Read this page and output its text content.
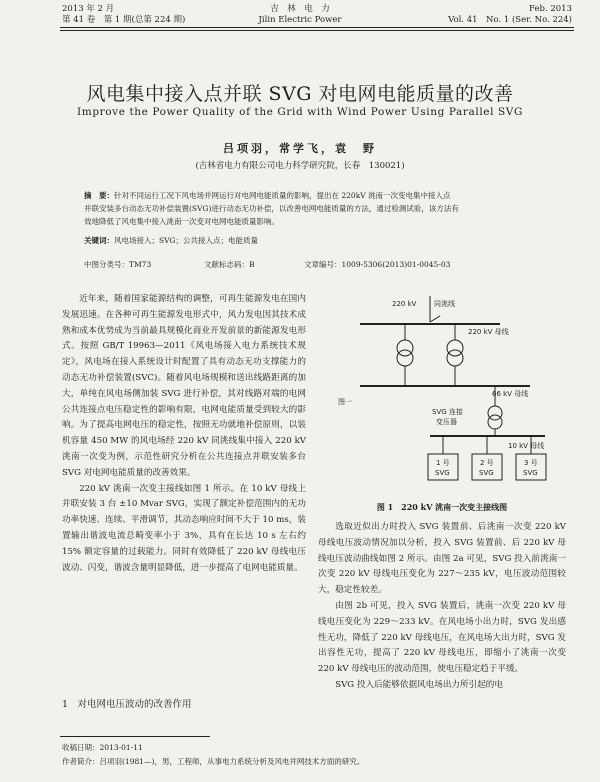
2013 年 2 月
第 41 卷　第 1 期(总第 224 期)
吉　林　电　力
Jilin Electric Power
Feb. 2013
Vol. 41　No. 1 (Ser. No. 224)
风电集中接入点并联 SVG 对电网电能质量的改善
Improve the Power Quality of the Grid with Wind Power Using Parallel SVG
吕项羽，常学飞，袁　野
(吉林省电力有限公司电力科学研究院，长春　130021)
摘　要：针对不同运行工况下风电场并网运行对电网电能质量的影响，提出在 220kV 洮南一次变电集中接入点
并联安装多台动态无功补偿装置(SVG)进行动态无功补偿，以改善电网电能质量的方法，通过检测试验，该方法有
效地降低了风电集中接入洮南一次变对电网电能质量影响。
关键词：风电场接入；SVG；公共接入点；电能质量
中图分类号：TM73	文献标志码：B	文章编号：1009-5306(2013)01-0045-03

近年来，随着国家能源结构的调整，可再生能源发电在国内发展迅速。在各种可再生能源发电形式中，风力发电因其技术成熟和成本优势成为当前最具规模化商业开发前景的新能源发电形式。按照 GB/T 19963—2011《风电场接入电力系统技术规定》，风电场在接入系统设计时配置了具有动态无功支撑能力的动态无功补偿装置(SVC)。随着风电场规模和送出线路距离的加大，单纯在风电场侧加装 SVG 进行补偿，其对线路对端的电网公共连接点电压稳定性的影响有限，电网电能质量受到较大的影响。为了提高电网电压的稳定性，按照无功就地补偿原则，以装机容量 450 MW 的风电场经 220 kV 同洮线集中接入 220 kV 洮南一次变为例，示范性研究分析在公共连接点并联安装多台 SVG 对电网电能质量的改善效果。

220 kV 洮南一次变主接线如图 1 所示。在 10 kV 母线上并联安装 3 台 ±10 Mvar SVG，实现了额定补偿范围内的无功功率快速、连续、平滑调节，其动态响应时间不大于 10 ms，装置输出谐波电流总畸变率小于 3%，具有在长达 10 s 左右约 15% 额定容量的过载能力。同时有效降低了 220 kV 母线电压波动、闪变，谐波含量明显降低，进一步提高了电网电能质量。

1　对电网电压波动的改善作用
220 kV	同洮线
220 kV 母线
66 kV 母线
图一
SVG 连接
变压器
10 kV 母线
1 号
SVG
2 号
SVG
3 号
SVG
图 1　220 kV 洮南一次变主接线图

选取近似出力时投入 SVG 装置前、后洮南一次变 220 kV 母线电压波动情况加以分析，投入 SVG 装置前、后 220 kV 母线电压波动曲线如图 2 所示。由图 2a 可见，SVG 投入前洮南一次变 220 kV 母线电压变化为 227～235 kV，电压波动范围较大，稳定性较差。

由图 2b 可见，投入 SVG 装置后，洮南一次变 220 kV 母线电压变化为 229～233 kV。在风电场小出力时，SVG 发出感性无功，降低了 220 kV 母线电压，在风电场大出力时，SVG 发出容性无功，提高了 220 kV 母线电压，即缩小了洮南一次变 220 kV 母线电压的波动范围，使电压稳定趋于平缓。

SVG 投入后能够依据风电场出力所引起的电

收稿日期：2013-01-11
作者简介：吕项羽(1981—)，男，工程师，从事电力系统分析及风电并网技术方面的研究。
